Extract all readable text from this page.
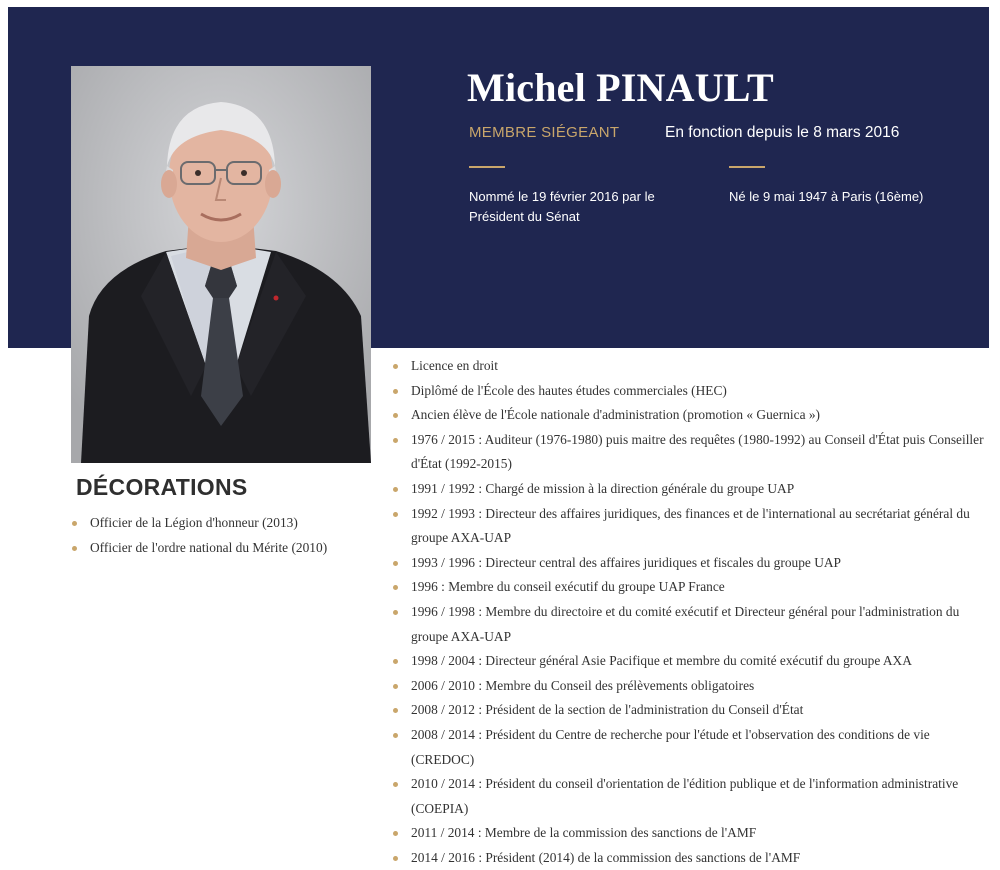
Michel PINAULT
MEMBRE SIÉGEANT	En fonction depuis le 8 mars 2016
Nommé le 19 février 2016 par le
Président du Sénat
Né le 9 mai 1947 à Paris (16ème)
DÉCORATIONS
Officier de la Légion d'honneur (2013)
Officier de l'ordre national du Mérite (2010)
Licence en droit
Diplômé de l'École des hautes études commerciales (HEC)
Ancien élève de l'École nationale d'administration (promotion « Guernica »)
1976 / 2015 : Auditeur (1976-1980) puis maitre des requêtes (1980-1992) au Conseil d'État puis Conseiller d'État (1992-2015)
1991 / 1992 : Chargé de mission à la direction générale du groupe UAP
1992 / 1993 : Directeur des affaires juridiques, des finances et de l'international au secrétariat général du groupe AXA-UAP
1993 / 1996 : Directeur central des affaires juridiques et fiscales du groupe UAP
1996 : Membre du conseil exécutif du groupe UAP France
1996 / 1998 : Membre du directoire et du comité exécutif et Directeur général pour l'administration du groupe AXA-UAP
1998 / 2004 : Directeur général Asie Pacifique et membre du comité exécutif du groupe AXA
2006 / 2010 : Membre du Conseil des prélèvements obligatoires
2008 / 2012 : Président de la section de l'administration du Conseil d'État
2008 / 2014 : Président du Centre de recherche pour l'étude et l'observation des conditions de vie (CREDOC)
2010 / 2014 : Président du conseil d'orientation de l'édition publique et de l'information administrative (COEPIA)
2011 / 2014 : Membre de la commission des sanctions de l'AMF
2014 / 2016 : Président (2014) de la commission des sanctions de l'AMF
